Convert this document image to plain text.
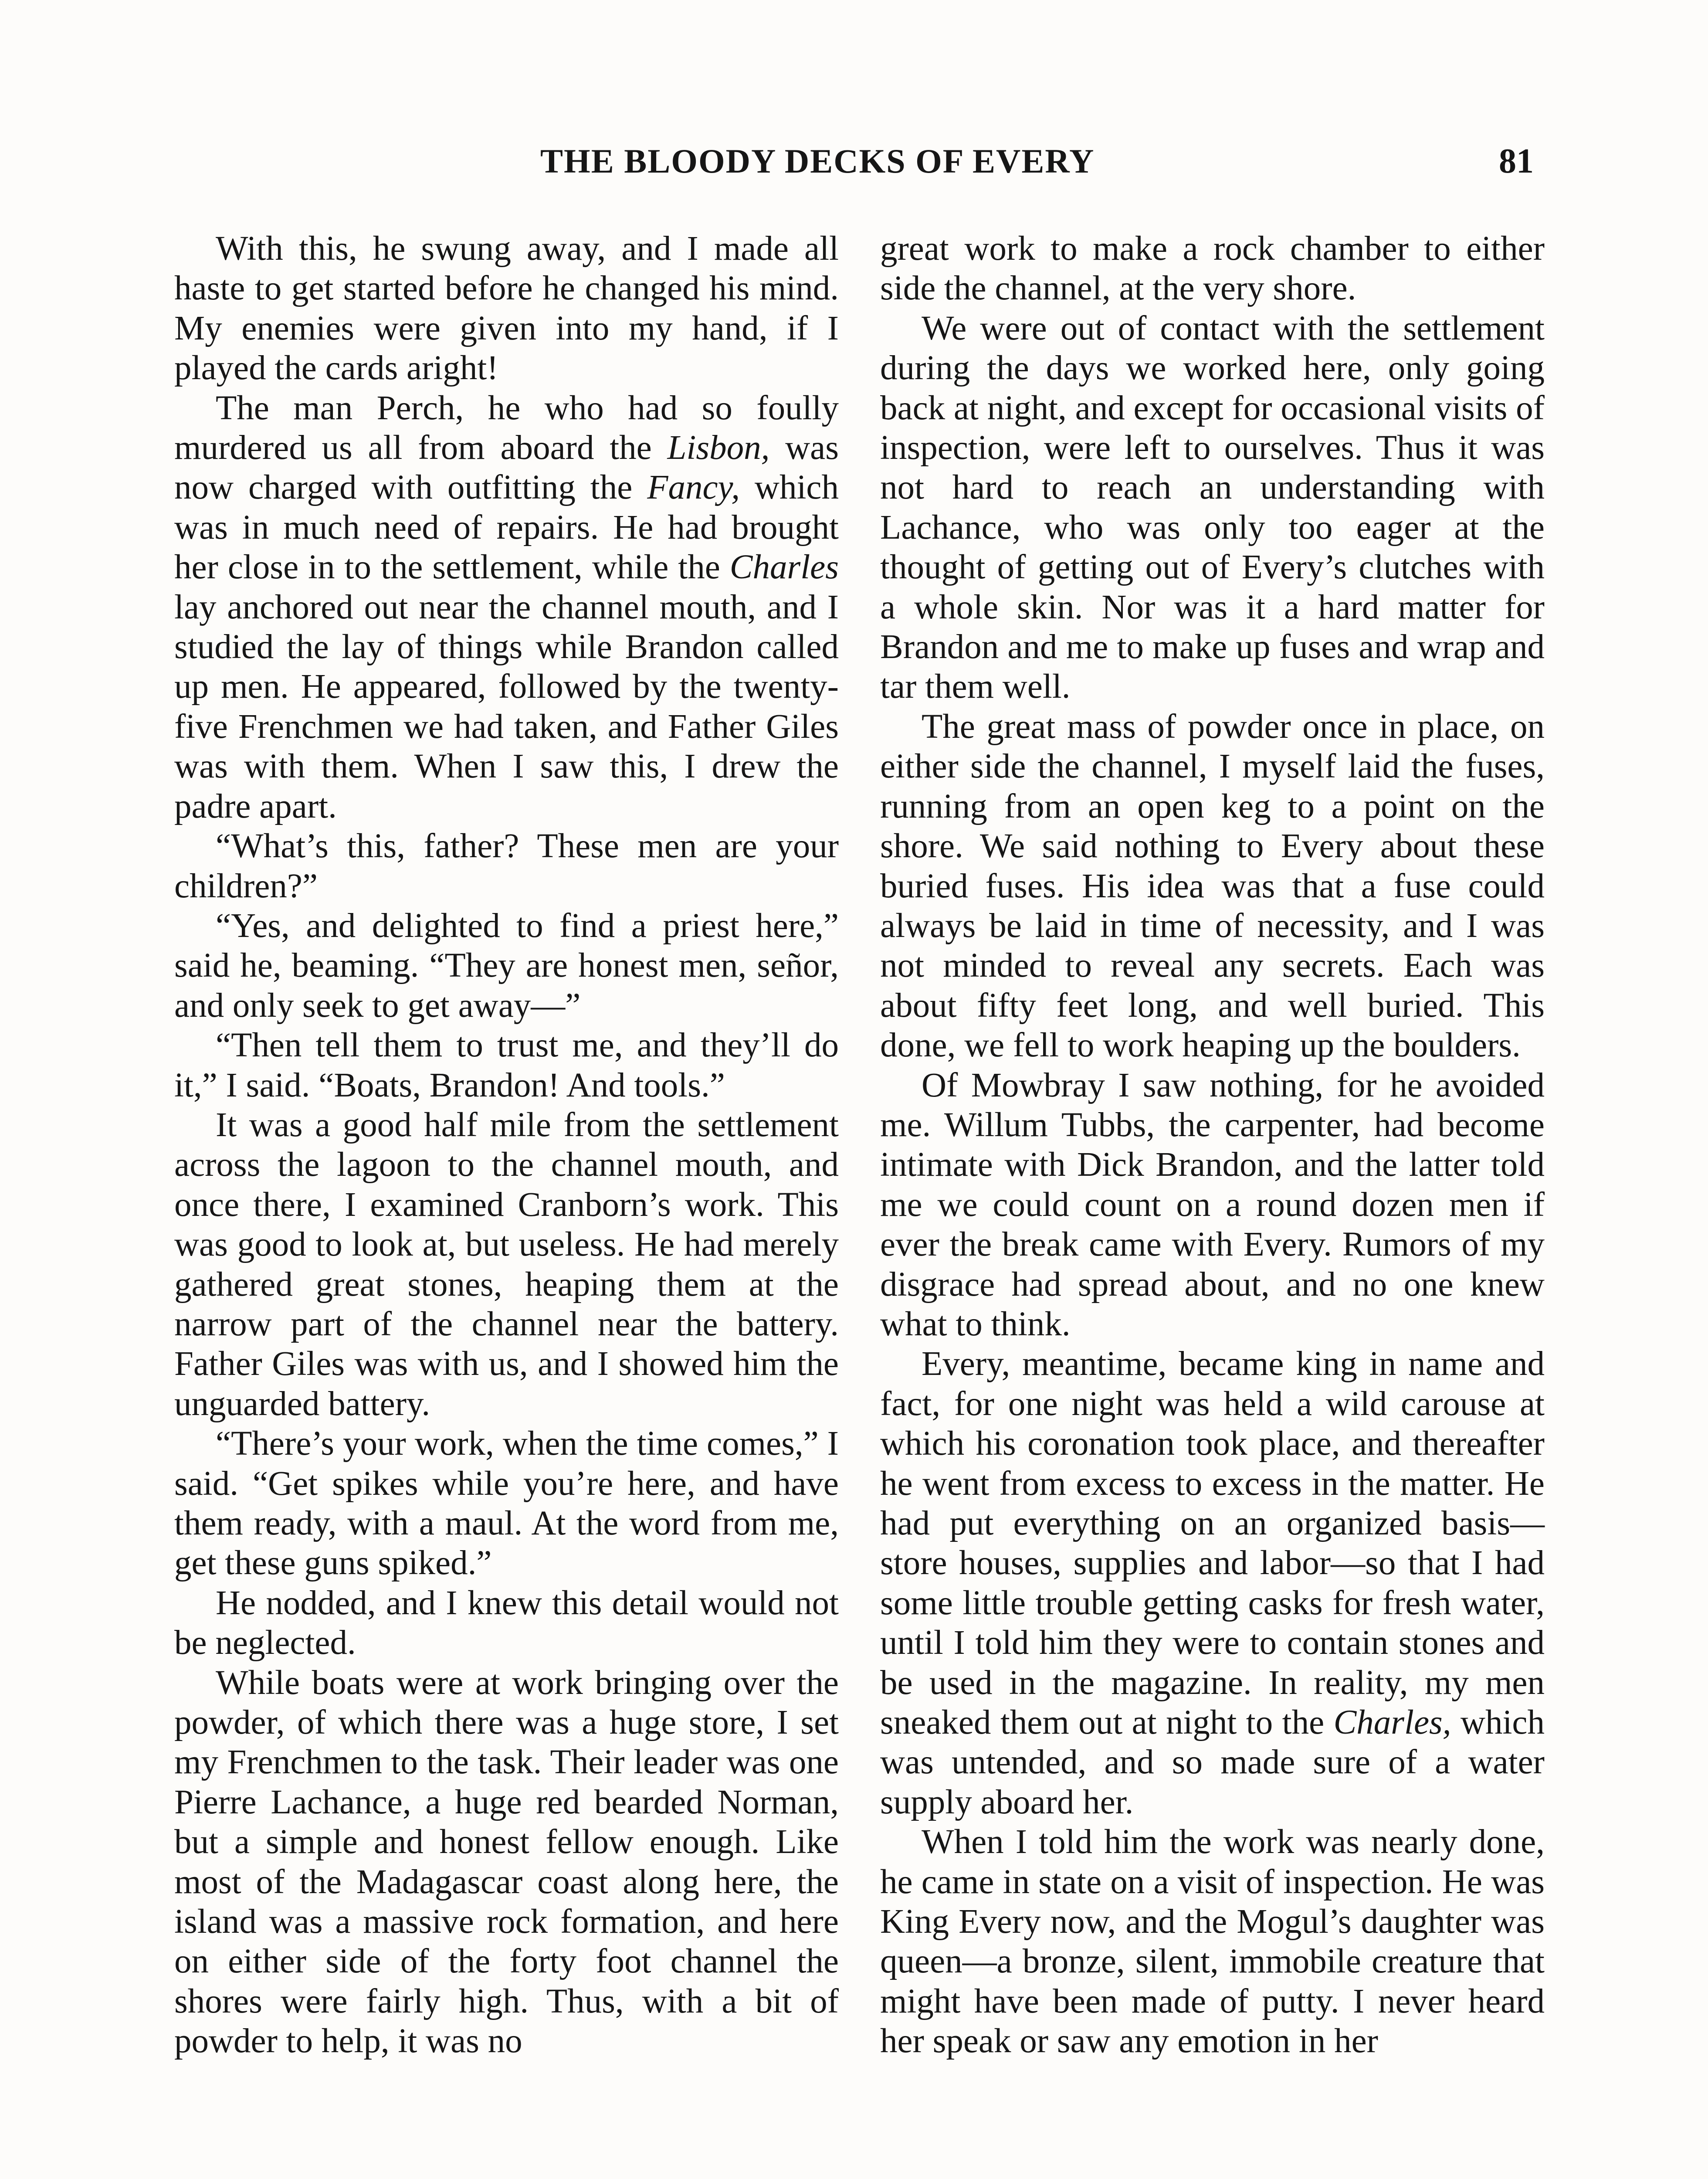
THE BLOODY DECKS OF EVERY	81

With this, he swung away, and I made all haste to get started before he changed his mind. My enemies were given into my hand, if I played the cards aright!

The man Perch, he who had so foully murdered us all from aboard the Lisbon, was now charged with outfitting the Fancy, which was in much need of repairs. He had brought her close in to the settlement, while the Charles lay anchored out near the channel mouth, and I studied the lay of things while Brandon called up men. He appeared, followed by the twenty-five Frenchmen we had taken, and Father Giles was with them. When I saw this, I drew the padre apart.

“What’s this, father? These men are your children?”

“Yes, and delighted to find a priest here,” said he, beaming. “They are honest men, señor, and only seek to get away—”

“Then tell them to trust me, and they’ll do it,” I said. “Boats, Brandon! And tools.”

It was a good half mile from the settlement across the lagoon to the channel mouth, and once there, I examined Cranborn’s work. This was good to look at, but useless. He had merely gathered great stones, heaping them at the narrow part of the channel near the battery. Father Giles was with us, and I showed him the unguarded battery.

“There’s your work, when the time comes,” I said. “Get spikes while you’re here, and have them ready, with a maul. At the word from me, get these guns spiked.”

He nodded, and I knew this detail would not be neglected.

While boats were at work bringing over the powder, of which there was a huge store, I set my Frenchmen to the task. Their leader was one Pierre Lachance, a huge red bearded Norman, but a simple and honest fellow enough. Like most of the Madagascar coast along here, the island was a massive rock formation, and here on either side of the forty foot channel the shores were fairly high. Thus, with a bit of powder to help, it was no

great work to make a rock chamber to either side the channel, at the very shore.

We were out of contact with the settlement during the days we worked here, only going back at night, and except for occasional visits of inspection, were left to ourselves. Thus it was not hard to reach an understanding with Lachance, who was only too eager at the thought of getting out of Every’s clutches with a whole skin. Nor was it a hard matter for Brandon and me to make up fuses and wrap and tar them well.

The great mass of powder once in place, on either side the channel, I myself laid the fuses, running from an open keg to a point on the shore. We said nothing to Every about these buried fuses. His idea was that a fuse could always be laid in time of necessity, and I was not minded to reveal any secrets. Each was about fifty feet long, and well buried. This done, we fell to work heaping up the boulders.

Of Mowbray I saw nothing, for he avoided me. Willum Tubbs, the carpenter, had become intimate with Dick Brandon, and the latter told me we could count on a round dozen men if ever the break came with Every. Rumors of my disgrace had spread about, and no one knew what to think.

Every, meantime, became king in name and fact, for one night was held a wild carouse at which his coronation took place, and thereafter he went from excess to excess in the matter. He had put everything on an organized basis—store houses, supplies and labor—so that I had some little trouble getting casks for fresh water, until I told him they were to contain stones and be used in the magazine. In reality, my men sneaked them out at night to the Charles, which was untended, and so made sure of a water supply aboard her.

When I told him the work was nearly done, he came in state on a visit of inspection. He was King Every now, and the Mogul’s daughter was queen—a bronze, silent, immobile creature that might have been made of putty. I never heard her speak or saw any emotion in her
